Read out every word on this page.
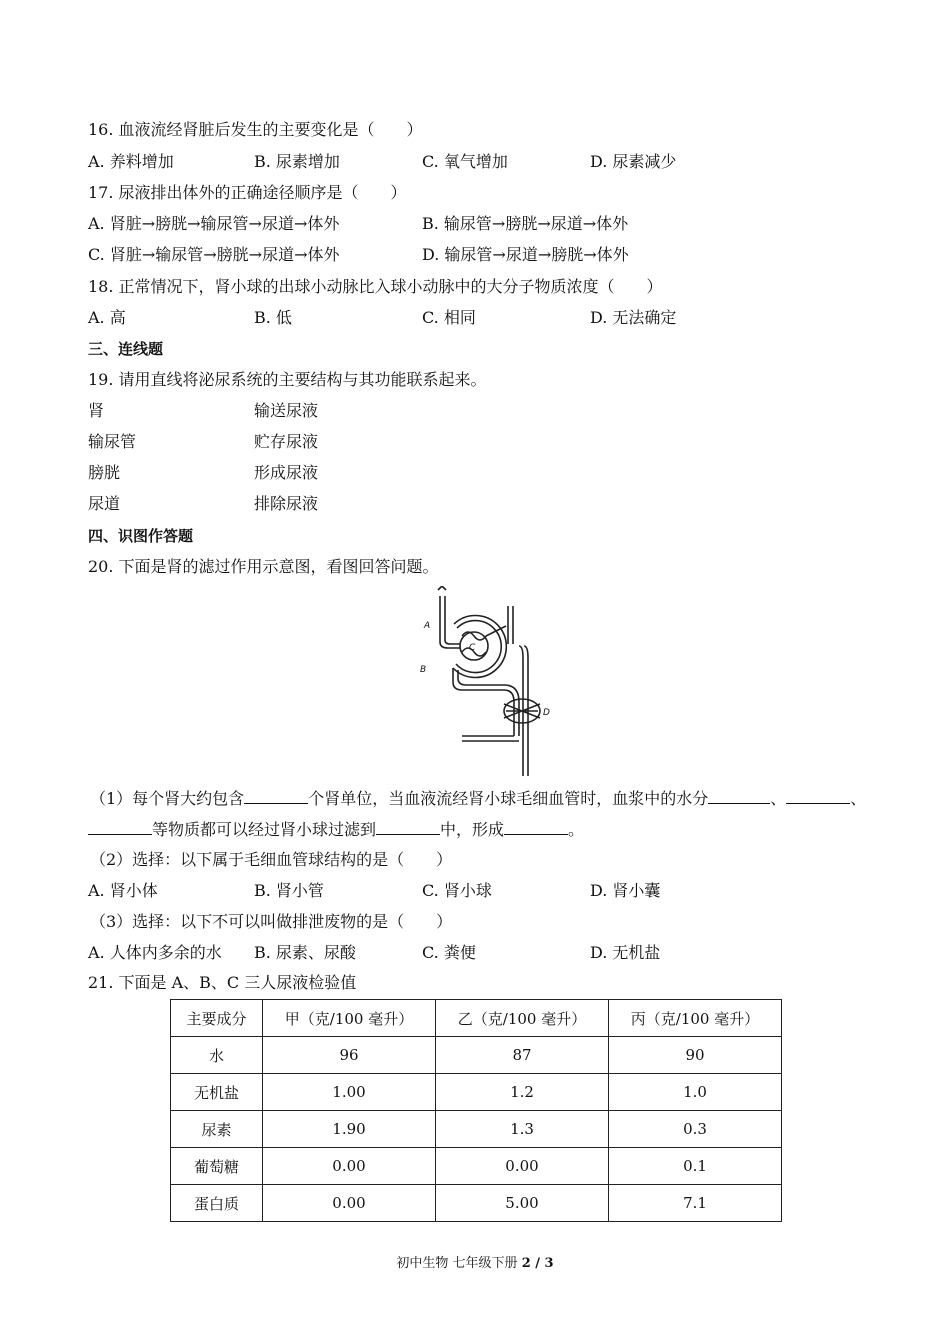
16. 血液流经肾脏后发生的主要变化是（　　）
A. 养料增加	B. 尿素增加	C. 氧气增加	D. 尿素减少
17. 尿液排出体外的正确途径顺序是（　　）
A. 肾脏→膀胱→输尿管→尿道→体外	B. 输尿管→膀胱→尿道→体外
C. 肾脏→输尿管→膀胱→尿道→体外	D. 输尿管→尿道→膀胱→体外
18. 正常情况下，肾小球的出球小动脉比入球小动脉中的大分子物质浓度（　　）
A. 高	B. 低	C. 相同	D. 无法确定
三、连线题
19. 请用直线将泌尿系统的主要结构与其功能联系起来。
肾	输送尿液
输尿管	贮存尿液
膀胱	形成尿液
尿道	排除尿液
四、识图作答题
20. 下面是肾的滤过作用示意图，看图回答问题。
A
B
C
D
（1）每个肾大约包含	个肾单位，当血液流经肾小球毛细血管时，血浆中的水分	、	、
等物质都可以经过肾小球过滤到	中，形成	。
（2）选择：以下属于毛细血管球结构的是（　　）
A. 肾小体	B. 肾小管	C. 肾小球	D. 肾小囊
（3）选择：以下不可以叫做排泄废物的是（　　）
A. 人体内多余的水 B. 尿素、尿酸	C. 粪便	D. 无机盐
21. 下面是 A、B、C 三人尿液检验值
主要成分	甲（克/100 毫升）	乙（克/100 毫升）	丙（克/100 毫升）
水	96	87	90
无机盐	1.00	1.2	1.0
尿素	1.90	1.3	0.3
葡萄糖	0.00	0.00	0.1
蛋白质	0.00	5.00	7.1
初中生物 七年级下册 2 / 3
